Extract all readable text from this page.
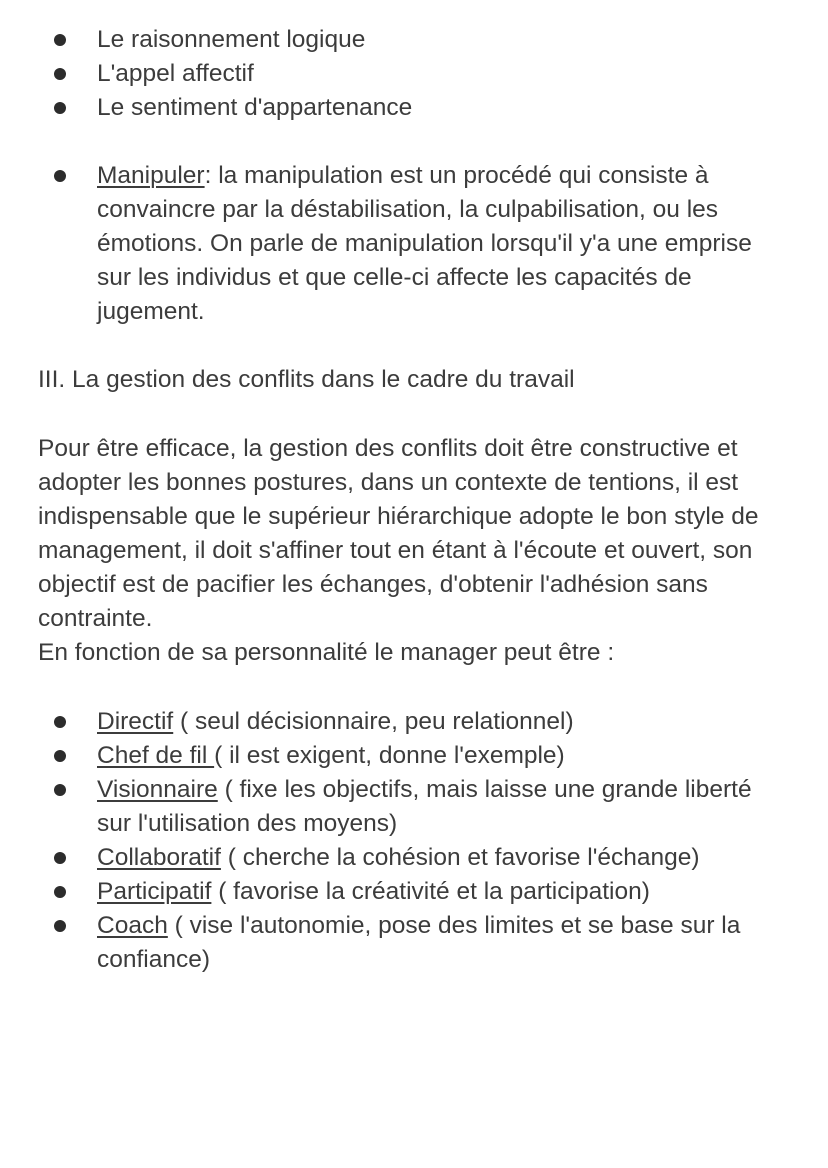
Le raisonnement logique
L'appel affectif
Le sentiment d'appartenance
Manipuler: la manipulation est un procédé qui consiste à
convaincre par la déstabilisation, la culpabilisation, ou les
émotions. On parle de manipulation lorsqu'il y'a une emprise
sur les individus et que celle-ci affecte les capacités de
jugement.
III. La gestion des conflits dans le cadre du travail
Pour être efficace, la gestion des conflits doit être constructive et
adopter les bonnes postures, dans un contexte de tentions, il est
indispensable que le supérieur hiérarchique adopte le bon style de
management, il doit s'affiner tout en étant à l'écoute et ouvert, son
objectif est de pacifier les échanges, d'obtenir l'adhésion sans
contrainte.
En fonction de sa personnalité le manager peut être :
Directif ( seul décisionnaire, peu relationnel)
Chef de fil ( il est exigent, donne l'exemple)
Visionnaire ( fixe les objectifs, mais laisse une grande liberté
sur l'utilisation des moyens)
Collaboratif ( cherche la cohésion et favorise l'échange)
Participatif ( favorise la créativité et la participation)
Coach ( vise l'autonomie, pose des limites et se base sur la
confiance)
